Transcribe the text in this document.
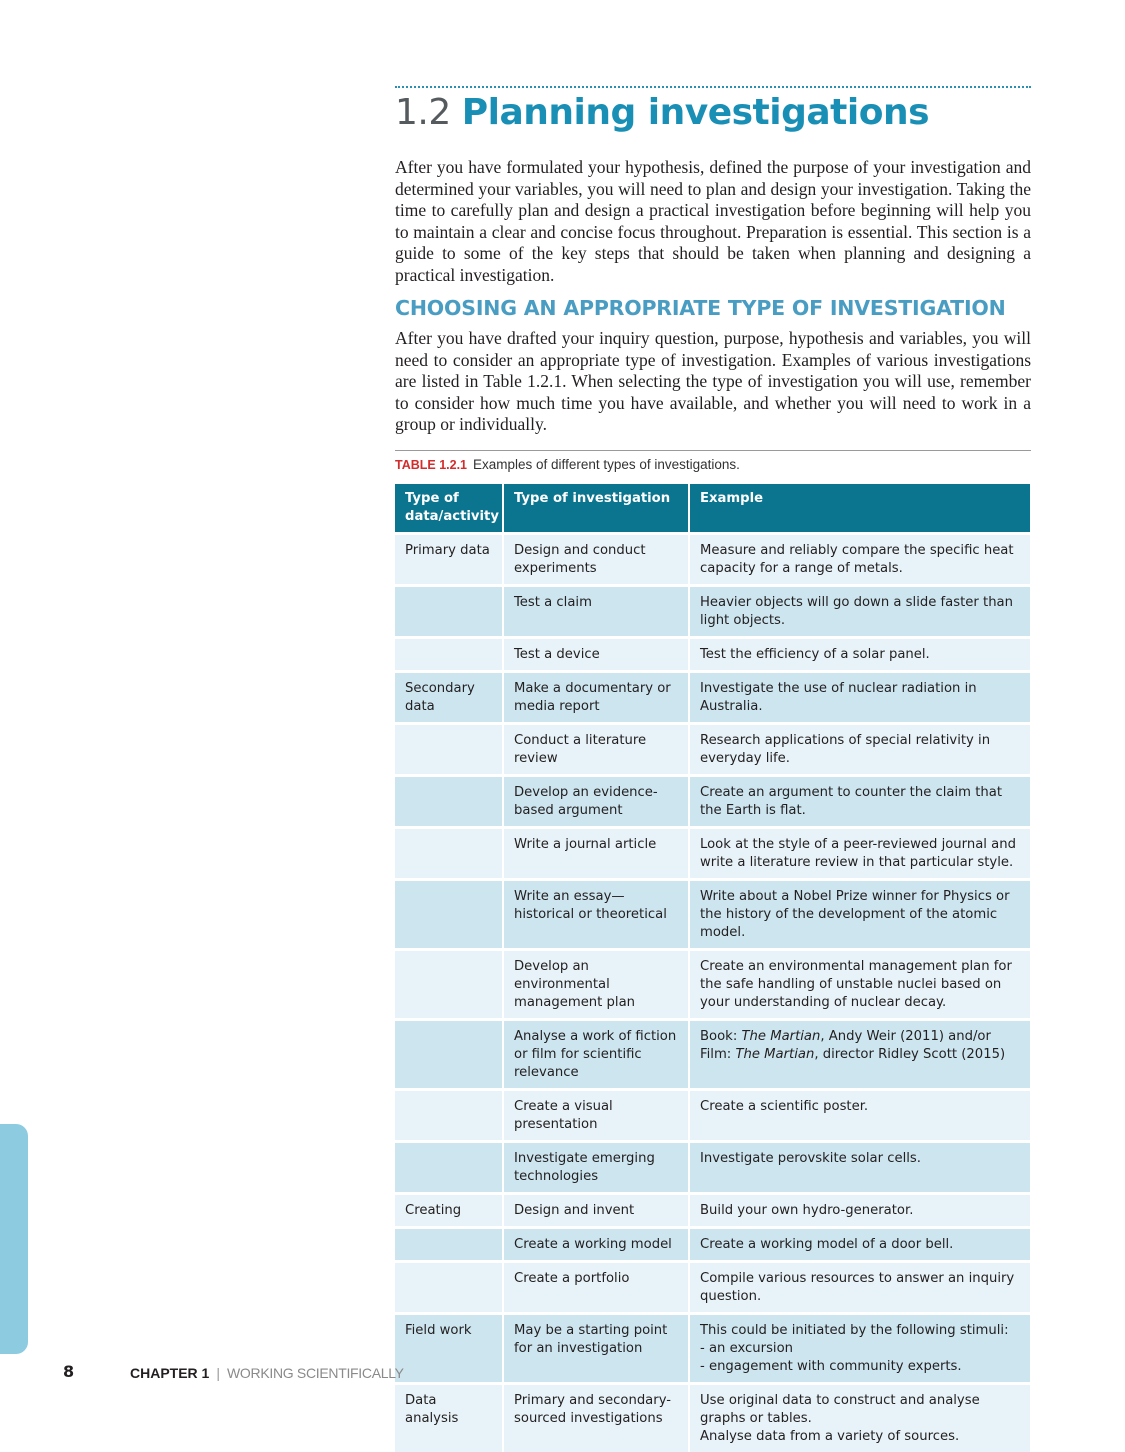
1.2 Planning investigations

After you have formulated your hypothesis, defined the purpose of your investigation and determined your variables, you will need to plan and design your investigation. Taking the time to carefully plan and design a practical investigation before beginning will help you to maintain a clear and concise focus throughout. Preparation is essential. This section is a guide to some of the key steps that should be taken when planning and designing a practical investigation.

CHOOSING AN APPROPRIATE TYPE OF INVESTIGATION

After you have drafted your inquiry question, purpose, hypothesis and variables, you will need to consider an appropriate type of investigation. Examples of various investigations are listed in Table 1.2.1. When selecting the type of investigation you will use, remember to consider how much time you have available, and whether you will need to work in a group or individually.

TABLE 1.2.1 Examples of different types of investigations.

Type of data/activity	Type of investigation	Example
Primary data	Design and conduct experiments	Measure and reliably compare the specific heat capacity for a range of metals.
	Test a claim	Heavier objects will go down a slide faster than light objects.
	Test a device	Test the efficiency of a solar panel.
Secondary data	Make a documentary or media report	Investigate the use of nuclear radiation in Australia.
	Conduct a literature review	Research applications of special relativity in everyday life.
	Develop an evidence-based argument	Create an argument to counter the claim that the Earth is flat.
	Write a journal article	Look at the style of a peer-reviewed journal and write a literature review in that particular style.
	Write an essay—historical or theoretical	Write about a Nobel Prize winner for Physics or the history of the development of the atomic model.
	Develop an environmental management plan	Create an environmental management plan for the safe handling of unstable nuclei based on your understanding of nuclear decay.
	Analyse a work of fiction or film for scientific relevance	Book: The Martian, Andy Weir (2011) and/or Film: The Martian, director Ridley Scott (2015)
	Create a visual presentation	Create a scientific poster.
	Investigate emerging technologies	Investigate perovskite solar cells.
Creating	Design and invent	Build your own hydro-generator.
	Create a working model	Create a working model of a door bell.
	Create a portfolio	Compile various resources to answer an inquiry question.
Field work	May be a starting point for an investigation	This could be initiated by the following stimuli:
- an excursion
- engagement with community experts.
Data analysis	Primary and secondary-sourced investigations	Use original data to construct and analyse graphs or tables.
Analyse data from a variety of sources.

8	CHAPTER 1 | WORKING SCIENTIFICALLY
